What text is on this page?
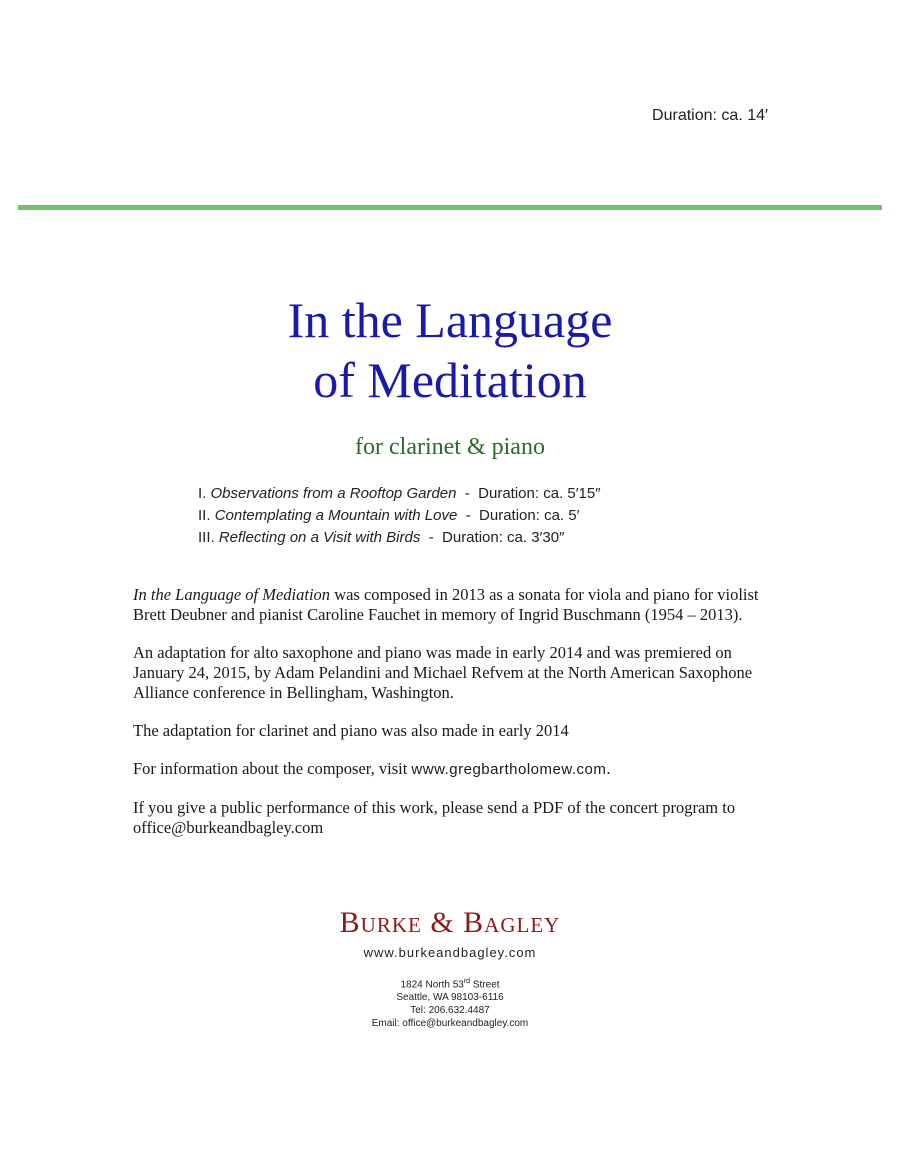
Duration: ca. 14′
In the Language
of Meditation
for clarinet & piano
I. Observations from a Rooftop Garden - Duration: ca. 5′15″
II. Contemplating a Mountain with Love - Duration: ca. 5′
III. Reflecting on a Visit with Birds - Duration: ca. 3′30″

In the Language of Mediation was composed in 2013 as a sonata for viola and piano for violist Brett Deubner and pianist Caroline Fauchet in memory of Ingrid Buschmann (1954 – 2013).

An adaptation for alto saxophone and piano was made in early 2014 and was premiered on January 24, 2015, by Adam Pelandini and Michael Refvem at the North American Saxophone Alliance conference in Bellingham, Washington.

The adaptation for clarinet and piano was also made in early 2014

For information about the composer, visit www.gregbartholomew.com.

If you give a public performance of this work, please send a PDF of the concert program to office@burkeandbagley.com

Burke & Bagley
www.burkeandbagley.com
1824 North 53rd Street
Seattle, WA 98103-6116
Tel: 206.632.4487
Email: office@burkeandbagley.com
